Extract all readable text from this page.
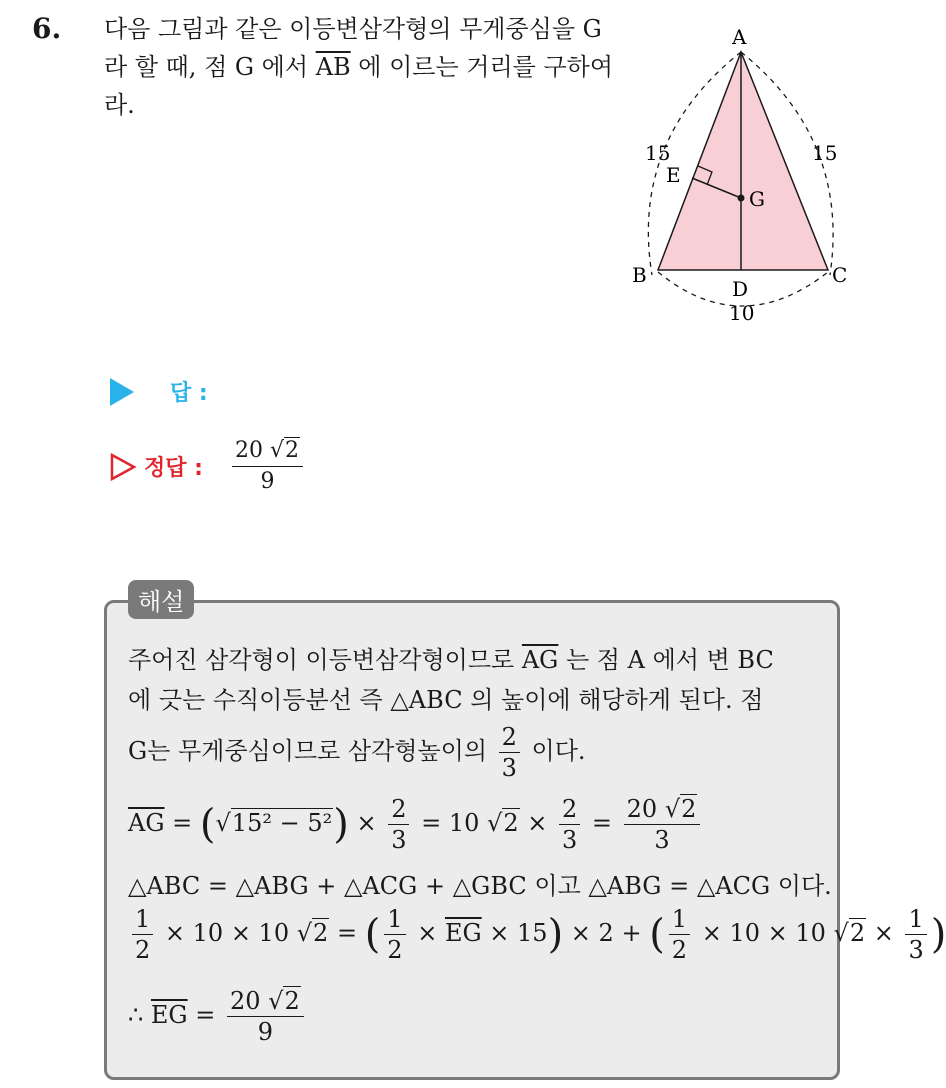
6. 다음 그림과 같은 이등변삼각형의 무게중심을 G 라 할 때, 점 G 에서 $\overline{AB}$ 에 이르는 거리를 구하여라.
A
B	C
D
E
G
15	15
10
답 :
정답 : $\frac{20 √2}{9}$
해설
주어진 삼각형이 이등변삼각형이므로 $\overline{AG}$ 는 점 A 에서 변 BC
에 긋는 수직이등분선 즉 △ABC 의 높이에 해당하게 된다. 점
G는 무게중심이므로 삼각형높이의 $\frac{2}{3}$ 이다.
$\overline{AG} = (√15^2 - 5^2) \times \frac{2}{3} = 10$ $√2 \times \frac{2}{3} = \frac{20 √2}{3}$
△ABC = △ABG + △ACG + △GBC 이고 △ABG = △ACG 이다.
$\frac{1}{2} \times 10 \times 10$ √2 = ( $\frac{1}{2} \times \overline{EG} \times 15) \times 2$ + ( $\frac{1}{2} \times 10 \times 10$ $√2 \times \frac{1}{3}$ )
∴ $\overline{EG} = \frac{20 √2}{9}$
